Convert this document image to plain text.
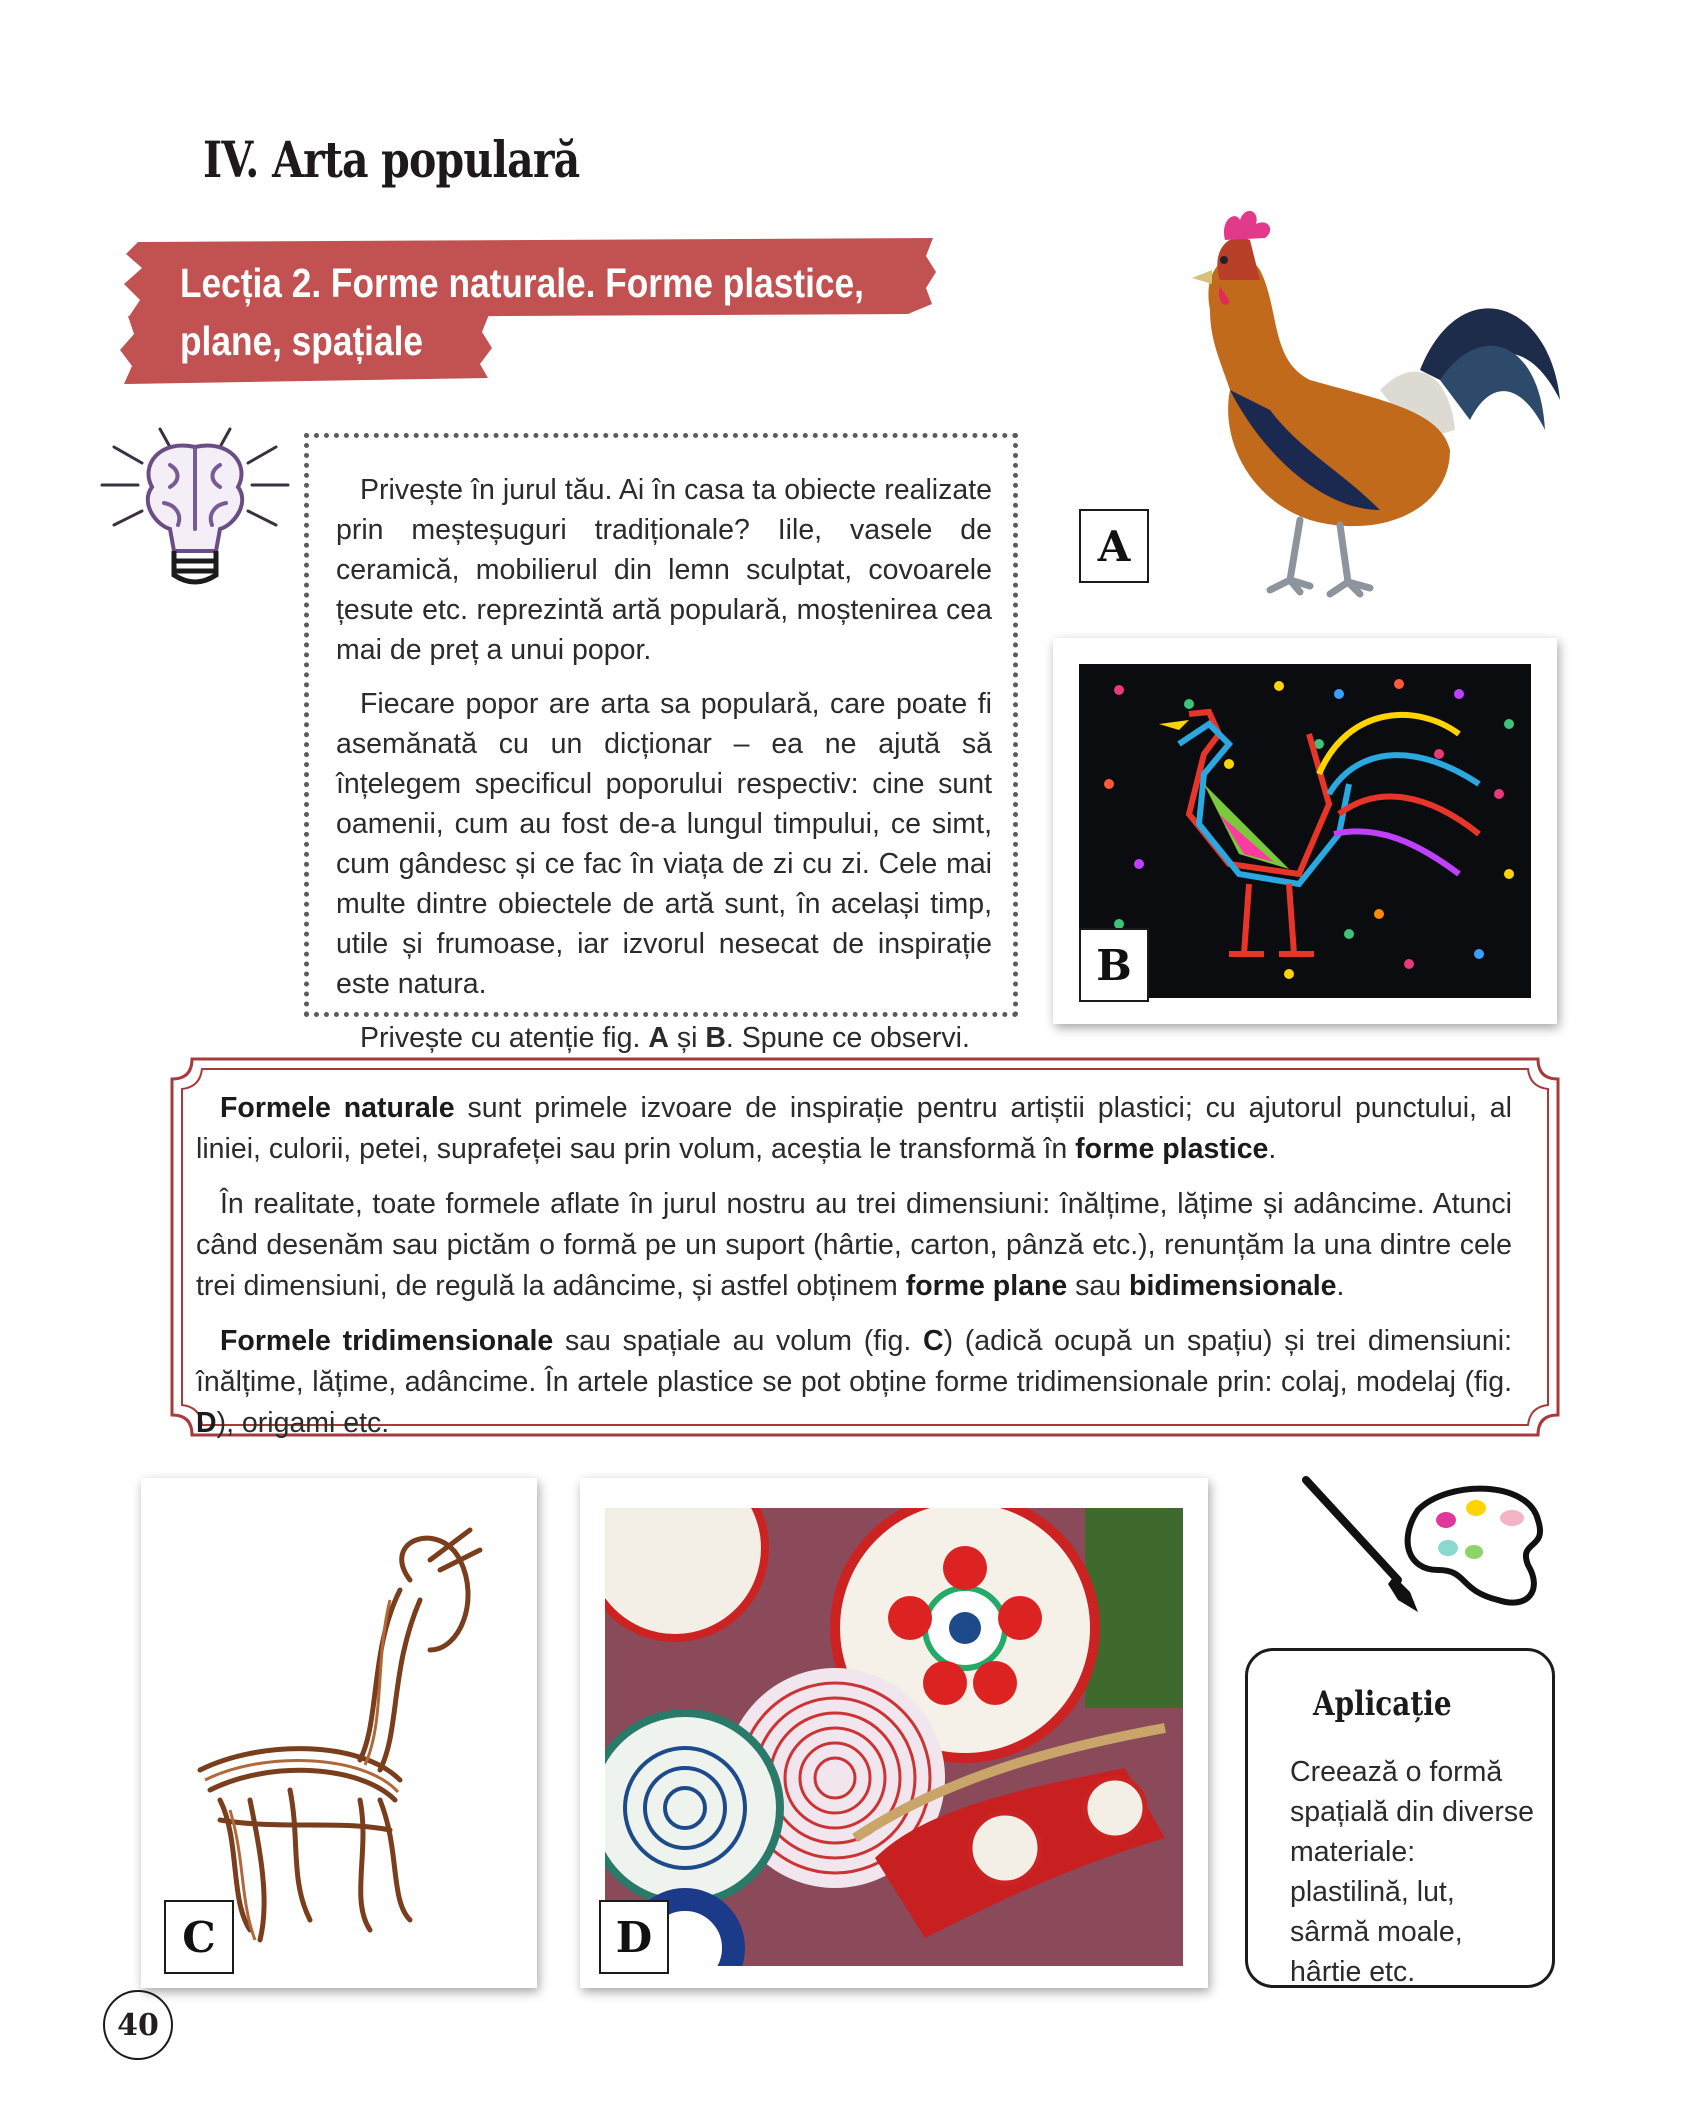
IV. Arta populară
Lecția 2. Forme naturale. Forme plastice,
plane, spațiale

Privește în jurul tău. Ai în casa ta obiecte realizate prin meșteșuguri tradiționale? Iile, vasele de ceramică, mobilierul din lemn sculptat, covoarele țesute etc. reprezintă artă populară, moștenirea cea mai de preț a unui popor.

Fiecare popor are arta sa populară, care poate fi asemănată cu un dicționar – ea ne ajută să înțelegem specificul poporului respectiv: cine sunt oamenii, cum au fost de-a lungul timpului, ce simt, cum gândesc și ce fac în viața de zi cu zi. Cele mai multe dintre obiectele de artă sunt, în același timp, utile și frumoase, iar izvorul nesecat de inspirație este natura.

Privește cu atenție fig. A și B. Spune ce observi.

A
B

Formele naturale sunt primele izvoare de inspirație pentru artiștii plastici; cu ajutorul punctului, al liniei, culorii, petei, suprafeței sau prin volum, aceștia le transformă în forme plastice.

În realitate, toate formele aflate în jurul nostru au trei dimensiuni: înălțime, lățime și adâncime. Atunci când desenăm sau pictăm o formă pe un suport (hârtie, carton, pânză etc.), renunțăm la una dintre cele trei dimensiuni, de regulă la adâncime, și astfel obținem forme plane sau bidimensionale.

Formele tridimensionale sau spațiale au volum (fig. C) (adică ocupă un spațiu) și trei dimensiuni: înălțime, lățime, adâncime. În artele plastice se pot obține forme tridimensionale prin: colaj, modelaj (fig. D), origami etc.

C	D
Aplicație
Creează o formă spațială din diverse materiale: plastilină, lut, sârmă moale, hârtie etc.
40
